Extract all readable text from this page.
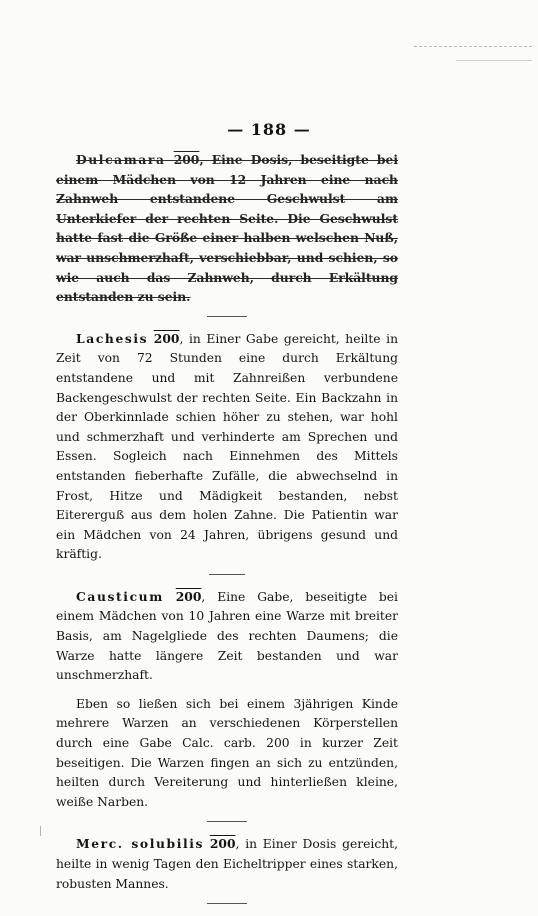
— 188 —

Dulcamara 200, Eine Dosis, beseitigte bei einem Mädchen von 12 Jahren eine nach Zahnweh entstandene Geschwulst am Unterkiefer der rechten Seite. Die Geschwulst hatte fast die Größe einer halben welschen Nuß, war unschmerzhaft, verschiebbar, und schien, so wie auch das Zahnweh, durch Erkältung entstanden zu sein.

Lachesis 200, in Einer Gabe gereicht, heilte in Zeit von 72 Stunden eine durch Erkältung entstandene und mit Zahnreißen verbundene Backengeschwulst der rechten Seite. Ein Backzahn in der Oberkinnlade schien höher zu stehen, war hohl und schmerzhaft und verhinderte am Sprechen und Essen. Sogleich nach Einnehmen des Mittels entstanden fieberhafte Zufälle, die abwechselnd in Frost, Hitze und Mädigkeit bestanden, nebst Eitererguß aus dem holen Zahne. Die Patientin war ein Mädchen von 24 Jahren, übrigens gesund und kräftig.

Causticum 200, Eine Gabe, beseitigte bei einem Mädchen von 10 Jahren eine Warze mit breiter Basis, am Nagelgliede des rechten Daumens; die Warze hatte längere Zeit bestanden und war unschmerzhaft.

Eben so ließen sich bei einem 3jährigen Kinde mehrere Warzen an verschiedenen Körperstellen durch eine Gabe Calc. carb. 200 in kurzer Zeit beseitigen. Die Warzen fingen an sich zu entzünden, heilten durch Vereiterung und hinterließen kleine, weiße Narben.

Merc. solubilis 200, in Einer Dosis gereicht, heilte in wenig Tagen den Eicheltripper eines starken, robusten Mannes.
